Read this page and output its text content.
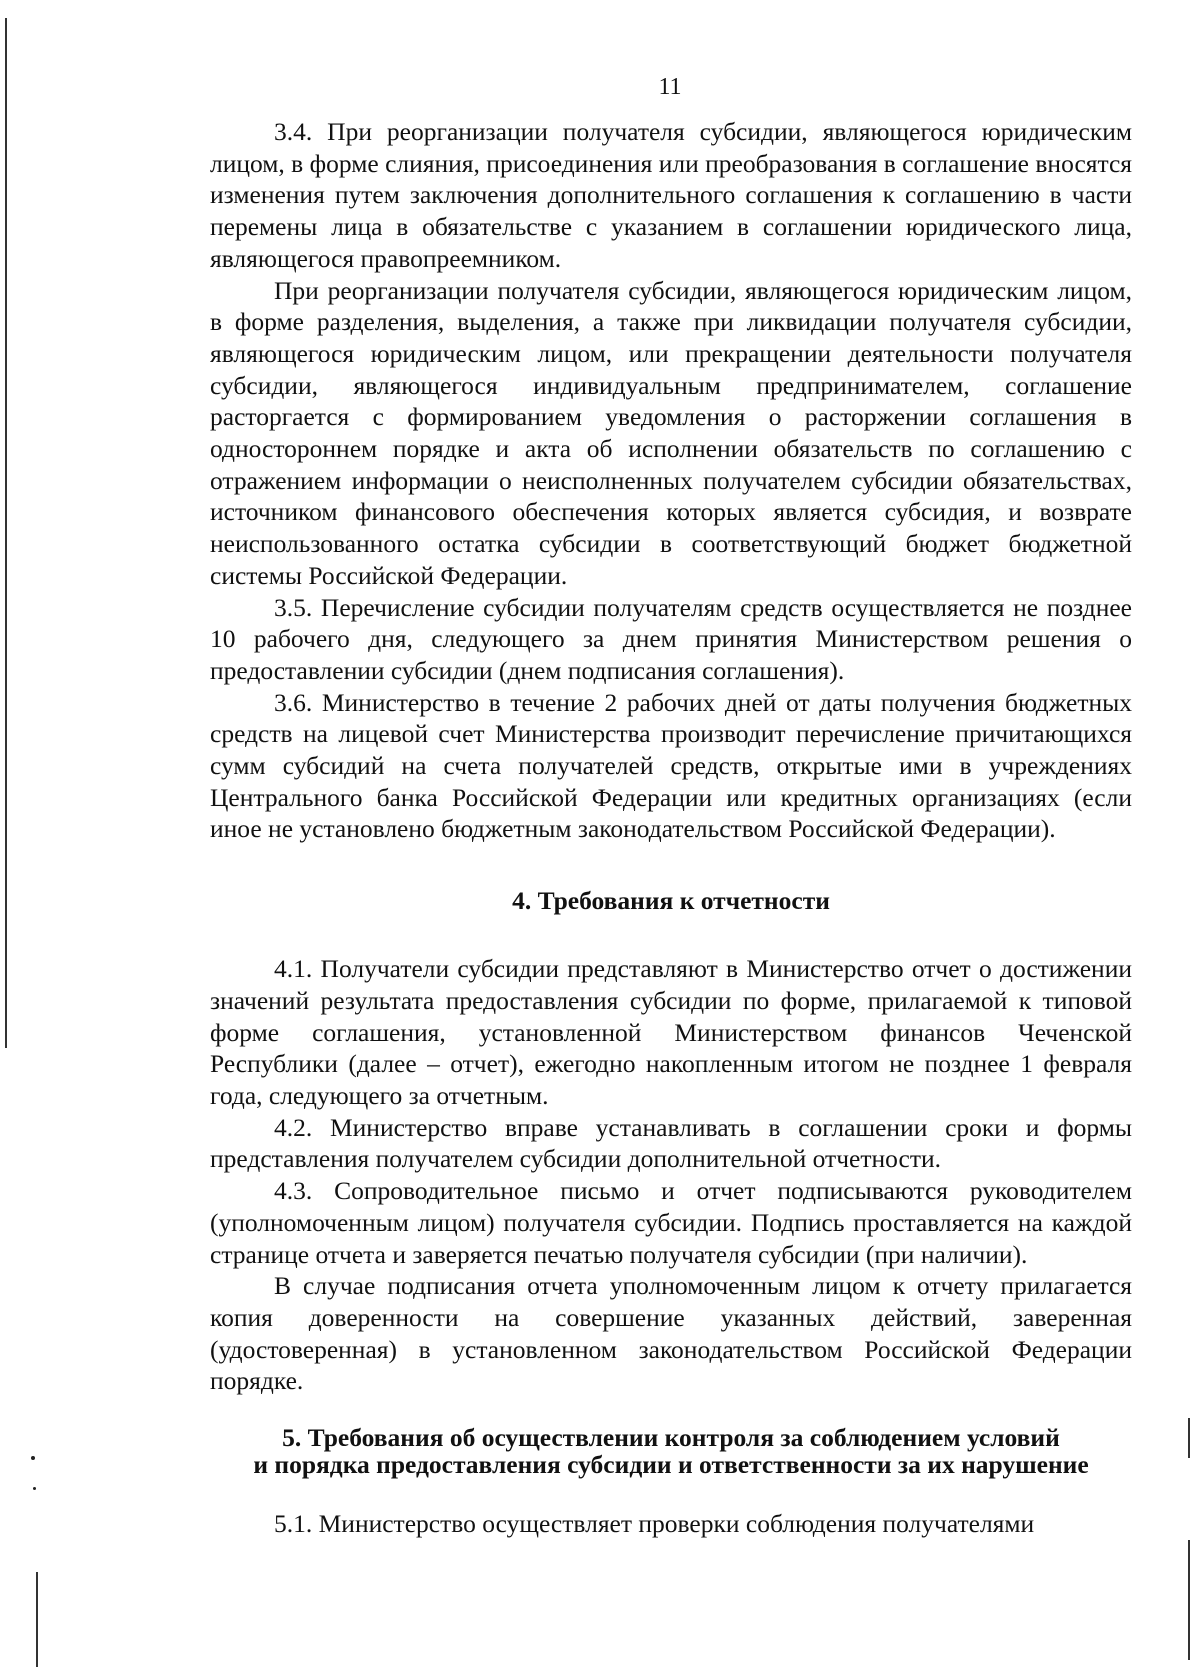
11

3.4. При реорганизации получателя субсидии, являющегося юридическим лицом, в форме слияния, присоединения или преобразования в соглашение вносятся изменения путем заключения дополнительного соглашения к соглашению в части перемены лица в обязательстве с указанием в соглашении юридического лица, являющегося правопреемником.

При реорганизации получателя субсидии, являющегося юридическим лицом, в форме разделения, выделения, а также при ликвидации получателя субсидии, являющегося юридическим лицом, или прекращении деятельности получателя субсидии, являющегося индивидуальным предпринимателем, соглашение расторгается с формированием уведомления о расторжении соглашения в одностороннем порядке и акта об исполнении обязательств по соглашению с отражением информации о неисполненных получателем субсидии обязательствах, источником финансового обеспечения которых является субсидия, и возврате неиспользованного остатка субсидии в соответствующий бюджет бюджетной системы Российской Федерации.

3.5. Перечисление субсидии получателям средств осуществляется не позднее 10 рабочего дня, следующего за днем принятия Министерством решения о предоставлении субсидии (днем подписания соглашения).

3.6. Министерство в течение 2 рабочих дней от даты получения бюджетных средств на лицевой счет Министерства производит перечисление причитающихся сумм субсидий на счета получателей средств, открытые ими в учреждениях Центрального банка Российской Федерации или кредитных организациях (если иное не установлено бюджетным законодательством Российской Федерации).

4. Требования к отчетности

4.1. Получатели субсидии представляют в Министерство отчет о достижении значений результата предоставления субсидии по форме, прилагаемой к типовой форме соглашения, установленной Министерством финансов Чеченской Республики (далее – отчет), ежегодно накопленным итогом не позднее 1 февраля года, следующего за отчетным.

4.2. Министерство вправе устанавливать в соглашении сроки и формы представления получателем субсидии дополнительной отчетности.

4.3. Сопроводительное письмо и отчет подписываются руководителем (уполномоченным лицом) получателя субсидии. Подпись проставляется на каждой странице отчета и заверяется печатью получателя субсидии (при наличии).

В случае подписания отчета уполномоченным лицом к отчету прилагается копия доверенности на совершение указанных действий, заверенная (удостоверенная) в установленном законодательством Российской Федерации порядке.

5. Требования об осуществлении контроля за соблюдением условий
и порядка предоставления субсидии и ответственности за их нарушение

5.1. Министерство осуществляет проверки соблюдения получателями
